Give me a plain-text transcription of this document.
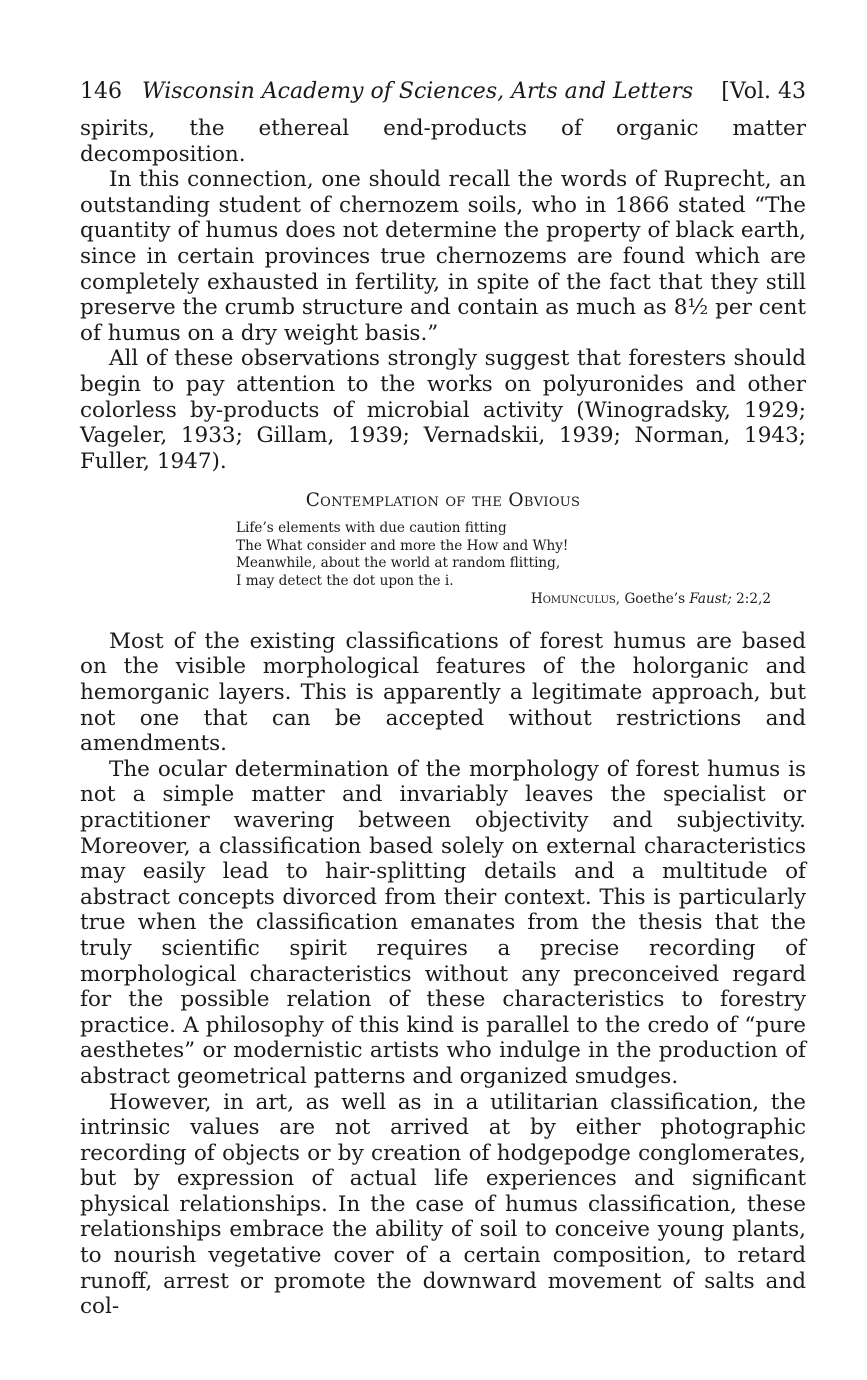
146 Wisconsin Academy of Sciences, Arts and Letters	[Vol. 43

spirits, the ethereal end-products of organic matter decomposition.

In this connection, one should recall the words of Ruprecht, an outstanding student of chernozem soils, who in 1866 stated “The quantity of humus does not determine the property of black earth, since in certain provinces true chernozems are found which are completely exhausted in fertility, in spite of the fact that they still preserve the crumb structure and contain as much as 8½ per cent of humus on a dry weight basis.”

All of these observations strongly suggest that foresters should begin to pay attention to the works on polyuronides and other colorless by-products of microbial activity (Winogradsky, 1929; Vageler, 1933; Gillam, 1939; Vernadskii, 1939; Norman, 1943; Fuller, 1947).

Contemplation of the Obvious
Life’s elements with due caution fitting
The What consider and more the How and Why!
Meanwhile, about the world at random flitting,
I may detect the dot upon the i.
Homunculus, Goethe’s Faust; 2:2,2

Most of the existing classifications of forest humus are based on the visible morphological features of the holorganic and hemorganic layers. This is apparently a legitimate approach, but not one that can be accepted without restrictions and amendments.

The ocular determination of the morphology of forest humus is not a simple matter and invariably leaves the specialist or practitioner wavering between objectivity and subjectivity. Moreover, a classification based solely on external characteristics may easily lead to hair-splitting details and a multitude of abstract concepts divorced from their context. This is particularly true when the classification emanates from the thesis that the truly scientific spirit requires a precise recording of morphological characteristics without any preconceived regard for the possible relation of these characteristics to forestry practice. A philosophy of this kind is parallel to the credo of “pure aesthetes” or modernistic artists who indulge in the production of abstract geometrical patterns and organized smudges.

However, in art, as well as in a utilitarian classification, the intrinsic values are not arrived at by either photographic recording of objects or by creation of hodgepodge conglomerates, but by expression of actual life experiences and significant physical relationships. In the case of humus classification, these relationships embrace the ability of soil to conceive young plants, to nourish vegetative cover of a certain composition, to retard runoff, arrest or promote the downward movement of salts and col-
